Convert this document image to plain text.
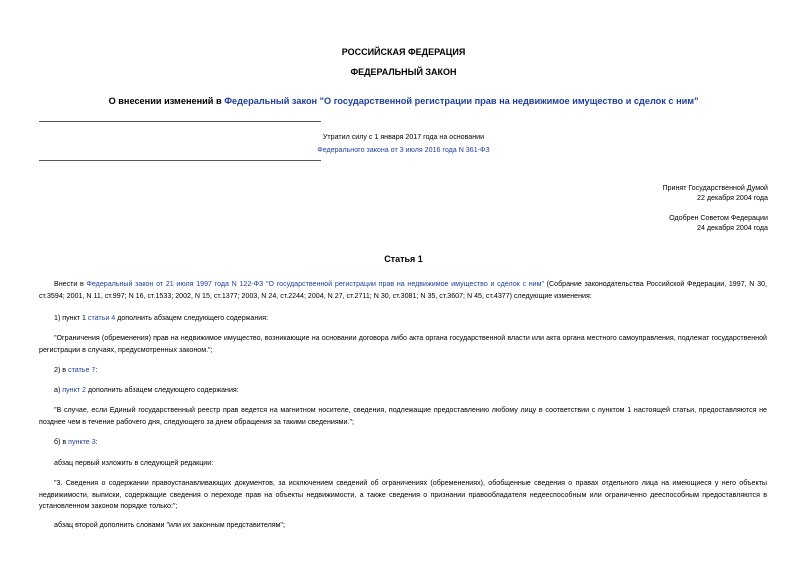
РОССИЙСКАЯ ФЕДЕРАЦИЯ
ФЕДЕРАЛЬНЫЙ ЗАКОН
О внесении изменений в Федеральный закон "О государственной регистрации прав на недвижимое имущество и сделок с ним"
Утратил силу с 1 января 2017 года на основании
Федерального закона от 3 июля 2016 года N 361-ФЗ
Принят Государственной Думой
22 декабря 2004 года
Одобрен Советом Федерации
24 декабря 2004 года
Статья 1
Внести в Федеральный закон от 21 июля 1997 года N 122-ФЗ "О государственной регистрации прав на недвижимое имущество и сделок с ним" (Собрание законодательства Российской Федерации, 1997, N 30, ст.3594; 2001, N 11, ст.997; N 16, ст.1533; 2002, N 15, ст.1377; 2003, N 24, ст.2244; 2004, N 27, ст.2711; N 30, ст.3081; N 35, ст.3607; N 45, ст.4377) следующие изменения:
1) пункт 1 статьи 4 дополнить абзацем следующего содержания:
"Ограничения (обременения) прав на недвижимое имущество, возникающие на основании договора либо акта органа государственной власти или акта органа местного самоуправления, подлежат государственной регистрации в случаях, предусмотренных законом.";
2) в статье 7:
а) пункт 2 дополнить абзацем следующего содержания:
"В случае, если Единый государственный реестр прав ведется на магнитном носителе, сведения, подлежащие предоставлению любому лицу в соответствии с пунктом 1 настоящей статьи, предоставляются не позднее чем в течение рабочего дня, следующего за днем обращения за такими сведениями.";
б) в пункте 3:
абзац первый изложить в следующей редакции:
"3. Сведения о содержании правоустанавливающих документов, за исключением сведений об ограничениях (обременениях), обобщенные сведения о правах отдельного лица на имеющиеся у него объекты недвижимости, выписки, содержащие сведения о переходе прав на объекты недвижимости, а также сведения о признании правообладателя недееспособным или ограниченно дееспособным предоставляются в установленном законом порядке только:";
абзац второй дополнить словами "или их законным представителям";
